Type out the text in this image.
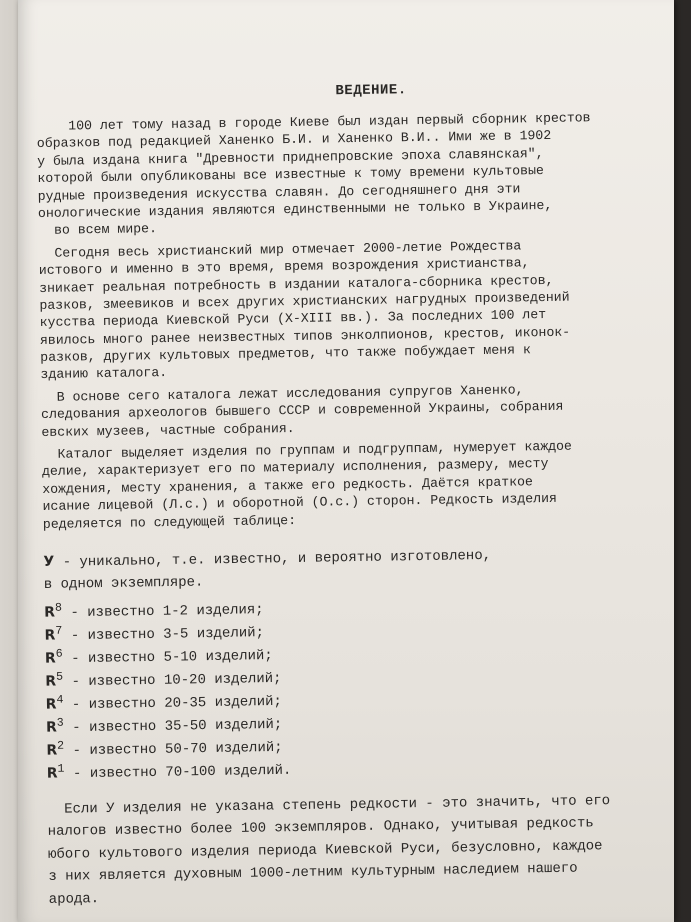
ВЕДЕНИЕ.
100 лет тому назад в городе Киеве был издан первый сборник крестов
образков под редакцией Ханенко Б.И. и Ханенко В.И.. Ими же в 1902
у была издана книга "Древности приднепровские эпоха славянская",
которой были опубликованы все известные к тому времени культовые
рудные произведения искусства славян. До сегодняшнего дня эти
онологические издания являются единственными не только в Украине,
во всем мире.
Сегодня весь христианский мир отмечает 2000-летие Рождества
истового и именно в это время, время возрождения христианства,
зникает реальная потребность в издании каталога-сборника крестов,
разков, змеевиков и всех других христианских нагрудных произведений
кусства периода Киевской Руси (X-XIII вв.). За последних 100 лет
явилось много ранее неизвестных типов энколпионов, крестов, иконок-
разков, других культовых предметов, что также побуждает меня к
зданию каталога.
В основе сего каталога лежат исследования супругов Ханенко,
следования археологов бывшего СССР и современной Украины, собрания
евских музеев, частные собрания.
Каталог выделяет изделия по группам и подгруппам, нумерует каждое
делие, характеризует его по материалу исполнения, размеру, месту
хождения, месту хранения, а также его редкость. Даётся краткое
исание лицевой (Л.с.) и оборотной (О.с.) сторон. Редкость изделия
ределяется по следующей таблице:
У - уникально, т.е. известно, и вероятно изготовлено,
в одном экземпляре.
$R^8$ - известно 1-2 изделия;
$R^7$ - известно 3-5 изделий;
$R^6$ - известно 5-10 изделий;
$R^5$ - известно 10-20 изделий;
$R^4$ - известно 20-35 изделий;
$R^3$ - известно 35-50 изделий;
$R^2$ - известно 50-70 изделий;
$R^1$ - известно 70-100 изделий.
Если У изделия не указана степень редкости - это значить, что его
налогов известно более 100 экземпляров. Однако, учитывая редкость
юбого культового изделия периода Киевской Руси, безусловно, каждое
з них является духовным 1000-летним культурным наследием нашего
арода.
